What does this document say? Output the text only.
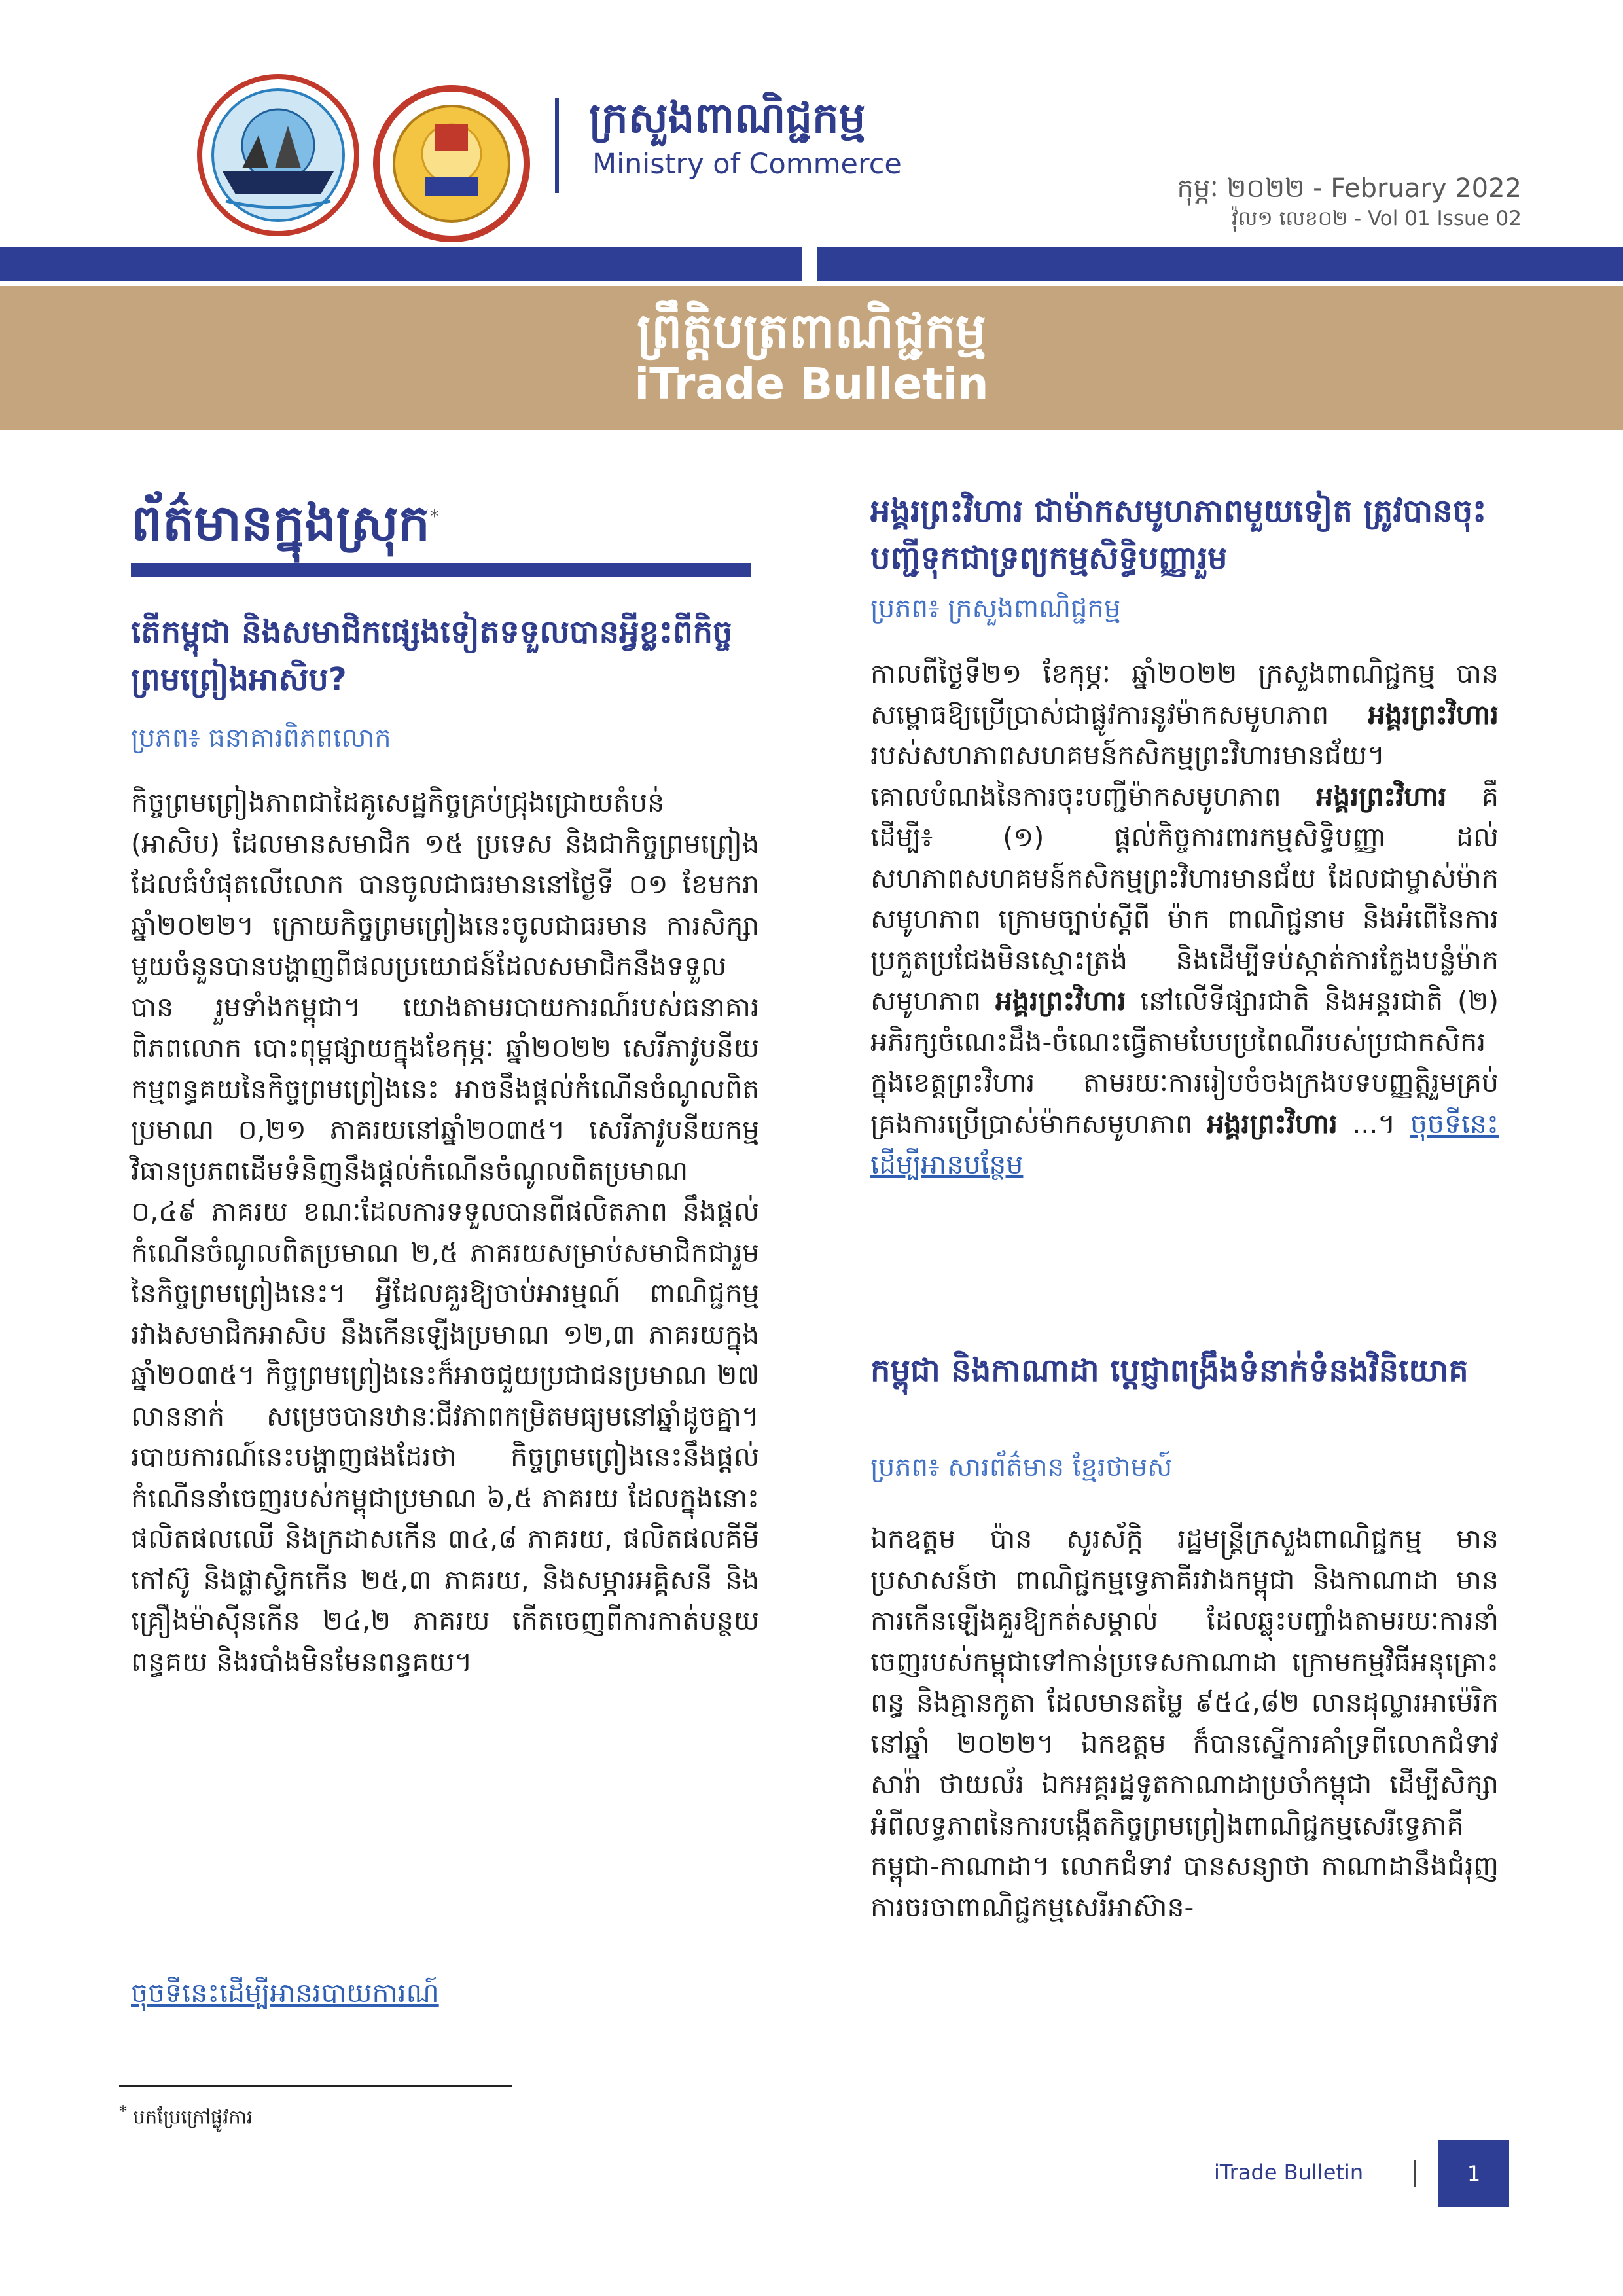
ក្រសួងពាណិជ្ជកម្ម
Ministry of Commerce
កុម្ភៈ ២០២២ - February 2022
វ៉ុល១ លេខ០២ - Vol 01 Issue 02
ព្រឹត្តិបត្រពាណិជ្ជកម្ម
iTrade Bulletin
ព័ត៌មានក្នុងស្រុក*
តើកម្ពុជា និងសមាជិកផ្សេងទៀតទទួលបានអ្វីខ្លះពីកិច្ចព្រមព្រៀងអាសិប?
ប្រភព៖ ធនាគារពិភពលោក
កិច្ចព្រមព្រៀងភាពជាដៃគូសេដ្ឋកិច្ចគ្រប់ជ្រុងជ្រោយតំបន់ (អាសិប) ដែលមានសមាជិក ១៥ ប្រទេស និងជាកិច្ចព្រមព្រៀងដែលធំបំផុតលើលោក បានចូលជាធរមាននៅថ្ងៃទី ០១ ខែមករា ឆ្នាំ២០២២។ ក្រោយកិច្ចព្រមព្រៀងនេះចូលជាធរមាន ការសិក្សាមួយចំនួនបានបង្ហាញពីផលប្រយោជន៍ដែលសមាជិកនឹងទទួលបាន រួមទាំងកម្ពុជា។ យោងតាមរបាយការណ៍របស់ធនាគារពិភពលោក បោះពុម្ពផ្សាយក្នុងខែកុម្ភៈ ឆ្នាំ២០២២ សេរីភាវូបនីយកម្មពន្ធគយនៃកិច្ចព្រមព្រៀងនេះ អាចនឹងផ្ដល់កំណើនចំណូលពិតប្រមាណ ០,២១ ភាគរយនៅឆ្នាំ២០៣៥។ សេរីភាវូបនីយកម្មវិធានប្រភពដើមទំនិញនឹងផ្តល់កំណើនចំណូលពិតប្រមាណ ០,៤៩ ភាគរយ ខណៈដែលការទទួលបានពីផលិតភាព នឹងផ្តល់កំណើនចំណូលពិតប្រមាណ ២,៥ ភាគរយសម្រាប់សមាជិកជារួមនៃកិច្ចព្រមព្រៀងនេះ។ អ្វីដែលគួរឱ្យចាប់អារម្មណ៍ ពាណិជ្ជកម្មរវាងសមាជិកអាសិប នឹងកើនឡើងប្រមាណ ១២,៣ ភាគរយក្នុងឆ្នាំ២០៣៥។ កិច្ចព្រមព្រៀងនេះក៏អាចជួយប្រជាជនប្រមាណ ២៧ លាននាក់ សម្រេចបានឋានៈជីវភាពកម្រិតមធ្យមនៅឆ្នាំដូចគ្នា។ របាយការណ៍នេះបង្ហាញផងដែរថា កិច្ចព្រមព្រៀងនេះនឹងផ្តល់កំណើននាំចេញរបស់កម្ពុជាប្រមាណ ៦,៥ ភាគរយ ដែលក្នុងនោះ ផលិតផលឈើ និងក្រដាសកើន ៣៤,៨ ភាគរយ, ផលិតផលគីមី កៅស៊ូ និងផ្លាស្ទិកកើន ២៥,៣ ភាគរយ, និងសម្ភារអគ្គិសនី និងគ្រឿងម៉ាស៊ីនកើន ២៤,២ ភាគរយ កើតចេញពីការកាត់បន្ថយពន្ធគយ និងរបាំងមិនមែនពន្ធគយ។
ចុចទីនេះដើម្បីអានរបាយការណ៍
អង្គរព្រះវិហារ ជាម៉ាកសមូហភាពមួយទៀត ត្រូវបានចុះបញ្ជីទុកជាទ្រព្យកម្មសិទ្ធិបញ្ញារួម
ប្រភព៖ ក្រសួងពាណិជ្ជកម្ម
កាលពីថ្ងៃទី២១ ខែកុម្ភៈ ឆ្នាំ២០២២ ក្រសួងពាណិជ្ជកម្ម បានសម្ពោធឱ្យប្រើប្រាស់ជាផ្លូវការនូវម៉ាកសមូហភាព អង្គរព្រះវិហារ របស់សហភាពសហគមន៍កសិកម្មព្រះវិហារមានជ័យ។ គោលបំណងនៃការចុះបញ្ជីម៉ាកសមូហភាព អង្គរព្រះវិហារ គឺដើម្បី៖ (១) ផ្តល់កិច្ចការពារកម្មសិទ្ធិបញ្ញា ដល់សហភាពសហគមន៍កសិកម្មព្រះវិហារមានជ័យ ដែលជាម្ចាស់ម៉ាកសមូហភាព ក្រោមច្បាប់ស្តីពី ម៉ាក ពាណិជ្ជនាម និងអំពើនៃការប្រកួតប្រជែងមិនស្មោះត្រង់ និងដើម្បីទប់ស្កាត់ការក្លែងបន្លំម៉ាកសមូហភាព អង្គរព្រះវិហារ នៅលើទីផ្សារជាតិ និងអន្តរជាតិ (២) អភិរក្សចំណេះដឹង-ចំណេះធ្វើតាមបែបប្រពៃណីរបស់ប្រជាកសិករក្នុងខេត្តព្រះវិហារ តាមរយៈការរៀបចំចងក្រងបទបញ្ញត្តិរួមគ្រប់គ្រងការប្រើប្រាស់ម៉ាកសមូហភាព អង្គរព្រះវិហារ ...។ ចុចទីនេះដើម្បីអានបន្ថែម
កម្ពុជា និងកាណាដា ប្តេជ្ញាពង្រឹងទំនាក់ទំនងវិនិយោគ
ប្រភព៖ សារព័ត៌មាន ខ្មែរថាមស៍
ឯកឧត្តម ប៉ាន សូរស័ក្តិ រដ្ឋមន្ត្រីក្រសួងពាណិជ្ជកម្ម មានប្រសាសន៍ថា ពាណិជ្ជកម្មទ្វេភាគីរវាងកម្ពុជា និងកាណាដា មានការកើនឡើងគួរឱ្យកត់សម្គាល់ ដែលឆ្លុះបញ្ចាំងតាមរយៈការនាំចេញរបស់កម្ពុជាទៅកាន់ប្រទេសកាណាដា ក្រោមកម្មវិធីអនុគ្រោះពន្ធ និងគ្មានកូតា ដែលមានតម្លៃ ៩៥៤,៨២ លានដុល្លារអាម៉េរិកនៅឆ្នាំ ២០២២។ ឯកឧត្តម ក៏បានស្នើការគាំទ្រពីលោកជំទាវ សារ៉ា ថាយល័រ ឯកអគ្គរដ្ឋទូតកាណាដាប្រចាំកម្ពុជា ដើម្បីសិក្សាអំពីលទ្ធភាពនៃការបង្កើតកិច្ចព្រមព្រៀងពាណិជ្ជកម្មសេរីទ្វេភាគីកម្ពុជា-កាណាដា។ លោកជំទាវ បានសន្យាថា កាណាដានឹងជំរុញការចរចាពាណិជ្ជកម្មសេរីអាស៊ាន-
* បកប្រែក្រៅផ្លូវការ
iTrade Bulletin	1
